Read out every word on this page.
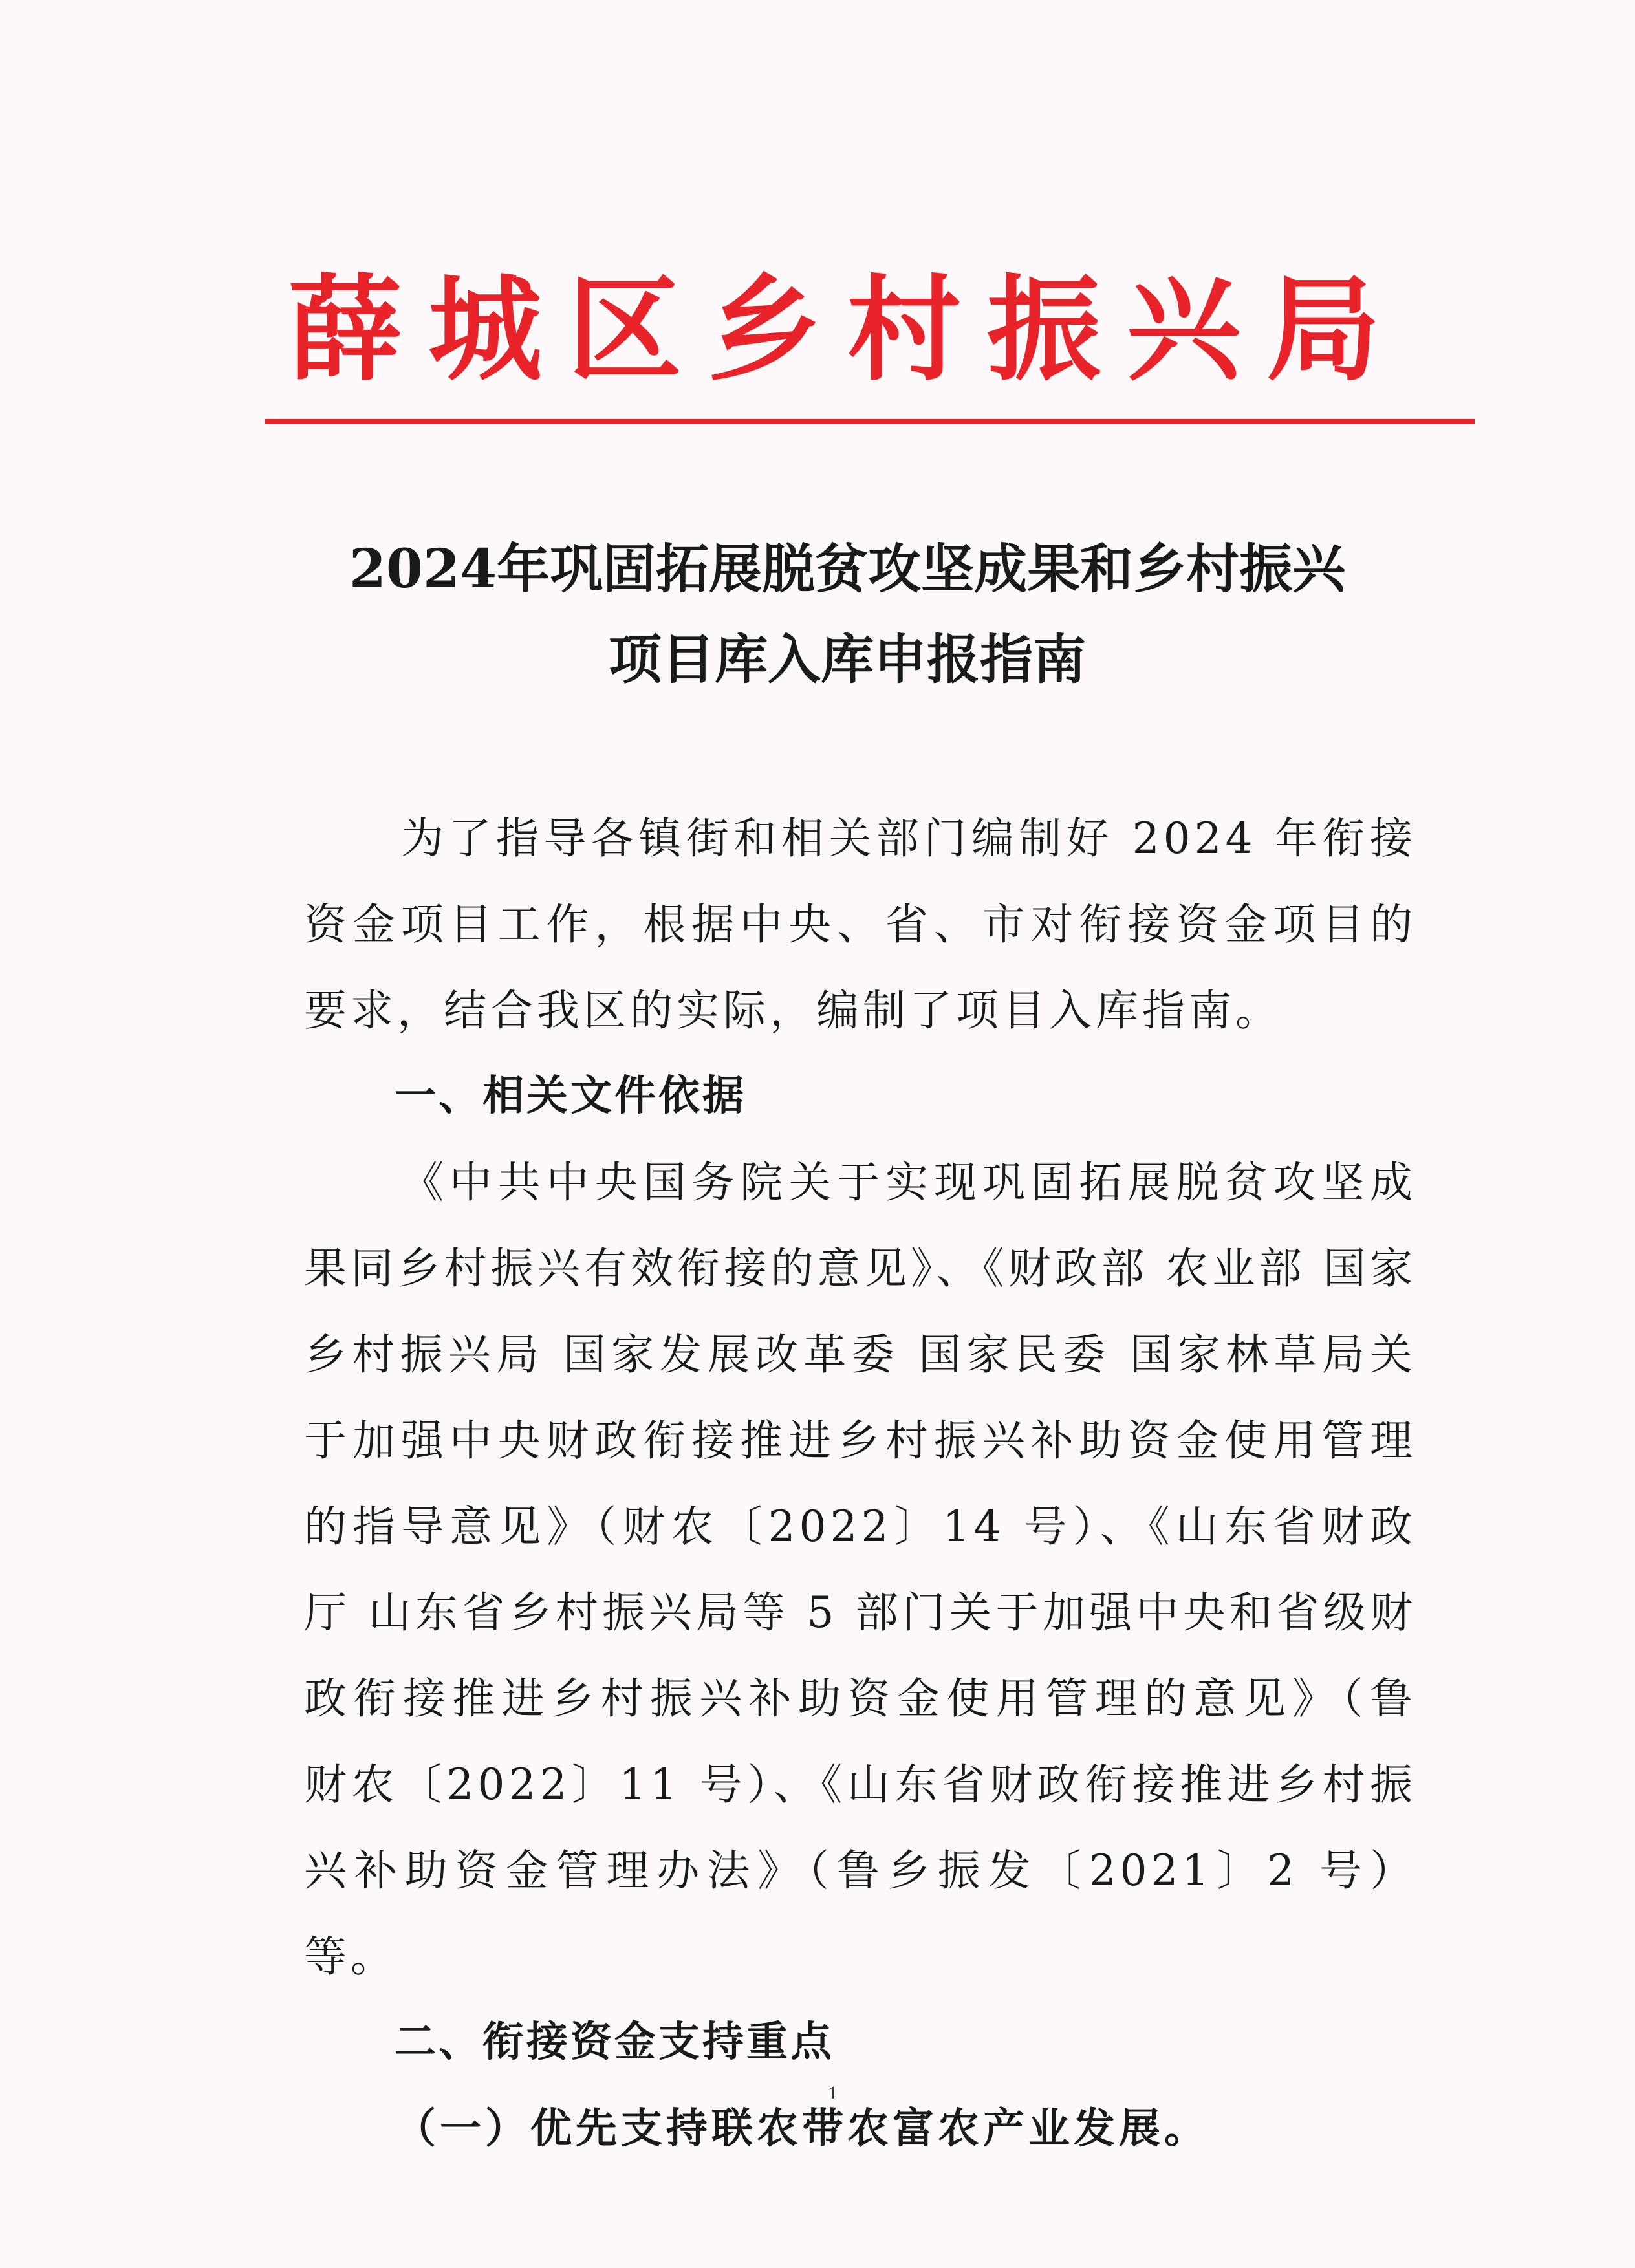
薛城区乡村振兴局
2024年巩固拓展脱贫攻坚成果和乡村振兴
项目库入库申报指南

为了指导各镇街和相关部门编制好 2024 年衔接资金项目工作，根据中央、省、市对衔接资金项目的要求，结合我区的实际，编制了项目入库指南。

一、相关文件依据

《中共中央国务院关于实现巩固拓展脱贫攻坚成果同乡村振兴有效衔接的意见》、《财政部 农业部 国家乡村振兴局 国家发展改革委 国家民委 国家林草局关于加强中央财政衔接推进乡村振兴补助资金使用管理的指导意见》（财农〔2022〕14 号）、《山东省财政厅 山东省乡村振兴局等 5 部门关于加强中央和省级财政衔接推进乡村振兴补助资金使用管理的意见》（鲁 财农〔2022〕11 号）、《山东省财政衔接推进乡村振兴补助资金管理办法》（鲁乡振发〔2021〕2 号）等。

二、衔接资金支持重点

（一）优先支持联农带农富农产业发展。

1
